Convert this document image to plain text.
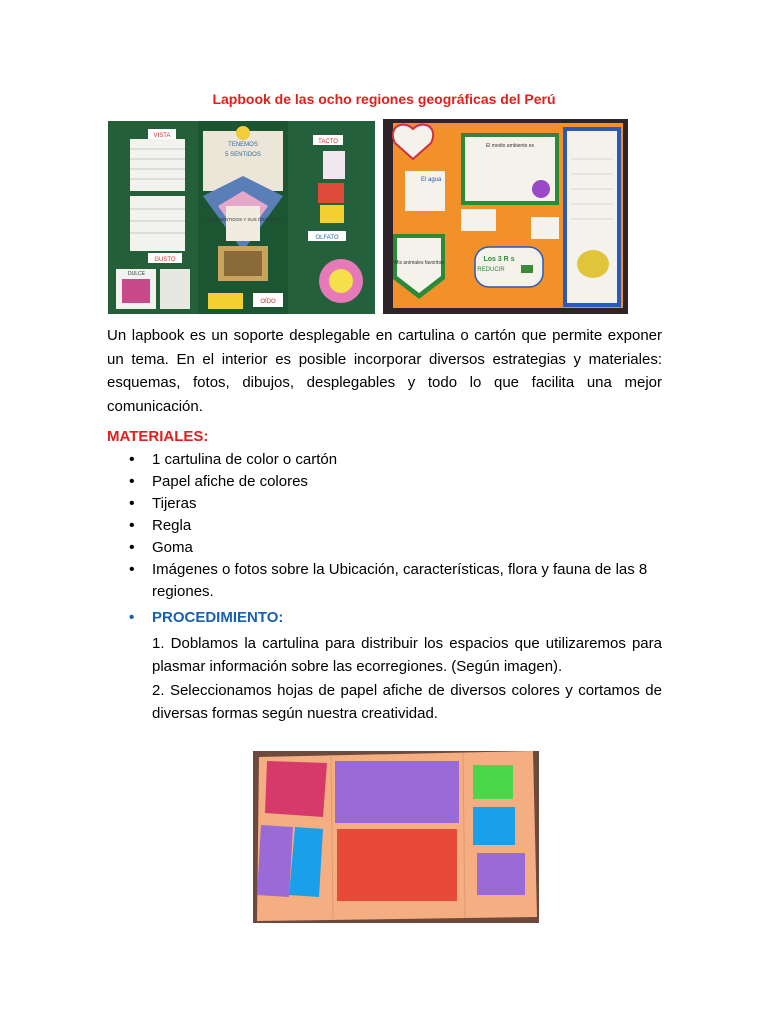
Lapbook de las ocho regiones geográficas del Perú
VISTA
TENEMOS
5 SENTIDOS
LOS 5 SENTIDOS Y SUS ÓRGANOS
TACTO
OLFATO
GUSTO
DULCE
OÍDO
El medio ambiente es
El agua
Mis animales favoritos	Los 3 R s
REDUCIR
Un lapbook es un soporte desplegable en cartulina o cartón que permite exponer un tema. En el interior es posible incorporar diversos estrategias y materiales: esquemas, fotos, dibujos, desplegables y todo lo que facilita una mejor comunicación.
MATERIALES:
• 1 cartulina de color o cartón
• Papel afiche de colores
• Tijeras
• Regla
• Goma
• Imágenes o fotos sobre la Ubicación, características, flora y fauna de las 8 regiones.
• PROCEDIMIENTO:
1. Doblamos la cartulina para distribuir los espacios que utilizaremos para plasmar información sobre las ecorregiones. (Según imagen).
2. Seleccionamos hojas de papel afiche de diversos colores y cortamos de diversas formas según nuestra creatividad.
